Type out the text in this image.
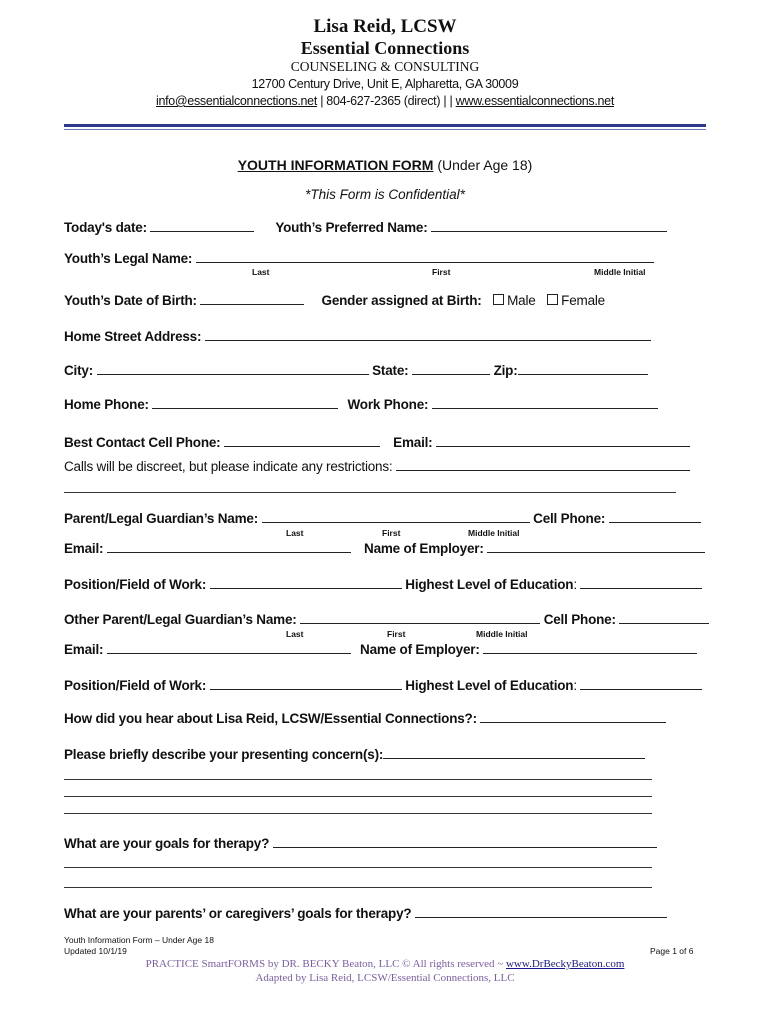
Lisa Reid, LCSW
Essential Connections
COUNSELING & CONSULTING
12700 Century Drive, Unit E, Alpharetta, GA 30009
info@essentialconnections.net | 804-627-2365 (direct) | | www.essentialconnections.net
YOUTH INFORMATION FORM (Under Age 18)
*This Form is Confidential*
Today's date:	Youth’s Preferred Name:
Youth’s Legal Name:
Last	First	Middle Initial
Youth’s Date of Birth:	Gender assigned at Birth: Male Female
Home Street Address:
City:	State:	Zip:
Home Phone:	Work Phone:
Best Contact Cell Phone:	Email:
Calls will be discreet, but please indicate any restrictions:
Parent/Legal Guardian’s Name:	Cell Phone:
Last	First	Middle Initial
Email:	Name of Employer:
Position/Field of Work:	Highest Level of Education:
Other Parent/Legal Guardian’s Name:	Cell Phone:
Last	First	Middle Initial
Email:	Name of Employer:
Position/Field of Work:	Highest Level of Education:
How did you hear about Lisa Reid, LCSW/Essential Connections?:
Please briefly describe your presenting concern(s):
What are your goals for therapy?
What are your parents’ or caregivers’ goals for therapy?
Youth Information Form – Under Age 18
Updated 10/1/19	Page 1 of 6
PRACTICE SmartFORMS by DR. BECKY Beaton, LLC © All rights reserved ~ www.DrBeckyBeaton.com
Adapted by Lisa Reid, LCSW/Essential Connections, LLC
